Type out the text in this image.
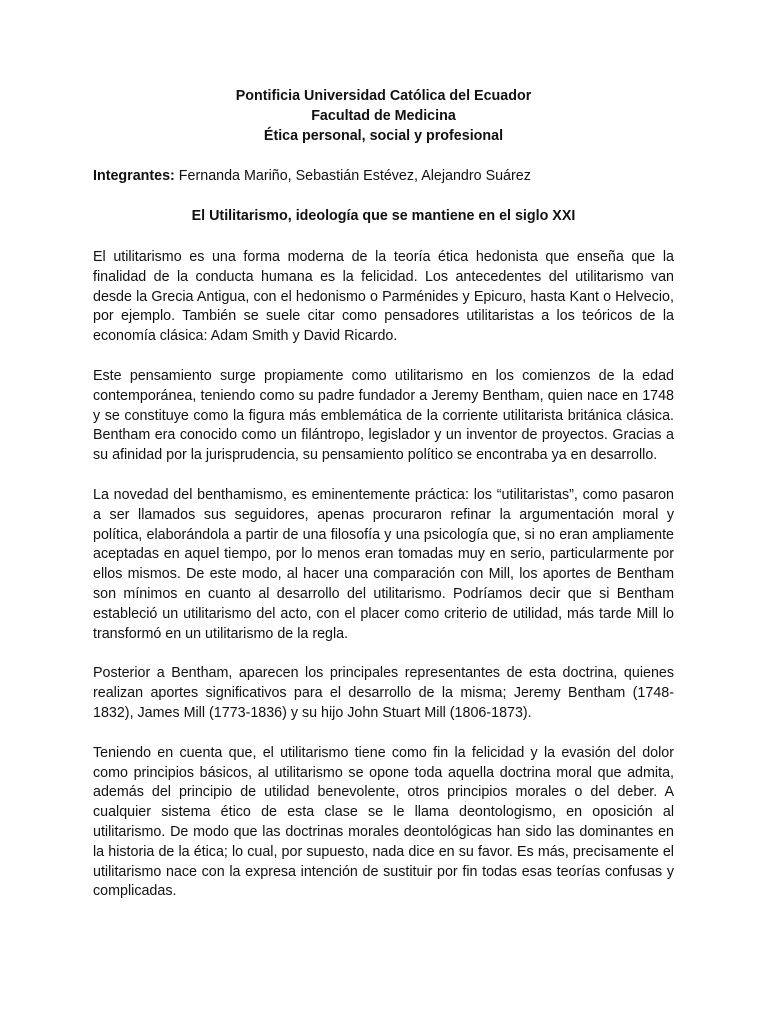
Pontificia Universidad Católica del Ecuador
Facultad de Medicina
Ética personal, social y profesional
Integrantes: Fernanda Mariño, Sebastián Estévez, Alejandro Suárez
El Utilitarismo, ideología que se mantiene en el siglo XXI

El utilitarismo es una forma moderna de la teoría ética hedonista que enseña que la finalidad de la conducta humana es la felicidad. Los antecedentes del utilitarismo van desde la Grecia Antigua, con el hedonismo o Parménides y Epicuro, hasta Kant o Helvecio, por ejemplo. También se suele citar como pensadores utilitaristas a los teóricos de la economía clásica: Adam Smith y David Ricardo.

Este pensamiento surge propiamente como utilitarismo en los comienzos de la edad contemporánea, teniendo como su padre fundador a Jeremy Bentham, quien nace en 1748 y se constituye como la figura más emblemática de la corriente utilitarista británica clásica. Bentham era conocido como un filántropo, legislador y un inventor de proyectos. Gracias a su afinidad por la jurisprudencia, su pensamiento político se encontraba ya en desarrollo.

La novedad del benthamismo, es eminentemente práctica: los “utilitaristas”, como pasaron a ser llamados sus seguidores, apenas procuraron refinar la argumentación moral y política, elaborándola a partir de una filosofía y una psicología que, si no eran ampliamente aceptadas en aquel tiempo, por lo menos eran tomadas muy en serio, particularmente por ellos mismos. De este modo, al hacer una comparación con Mill, los aportes de Bentham son mínimos en cuanto al desarrollo del utilitarismo. Podríamos decir que si Bentham estableció un utilitarismo del acto, con el placer como criterio de utilidad, más tarde Mill lo transformó en un utilitarismo de la regla.

Posterior a Bentham, aparecen los principales representantes de esta doctrina, quienes realizan aportes significativos para el desarrollo de la misma; Jeremy Bentham (1748-1832), James Mill (1773-1836) y su hijo John Stuart Mill (1806-1873).

Teniendo en cuenta que, el utilitarismo tiene como fin la felicidad y la evasión del dolor como principios básicos, al utilitarismo se opone toda aquella doctrina moral que admita, además del principio de utilidad benevolente, otros principios morales o del deber. A cualquier sistema ético de esta clase se le llama deontologismo, en oposición al utilitarismo. De modo que las doctrinas morales deontológicas han sido las dominantes en la historia de la ética; lo cual, por supuesto, nada dice en su favor. Es más, precisamente el utilitarismo nace con la expresa intención de sustituir por fin todas esas teorías confusas y complicadas.
